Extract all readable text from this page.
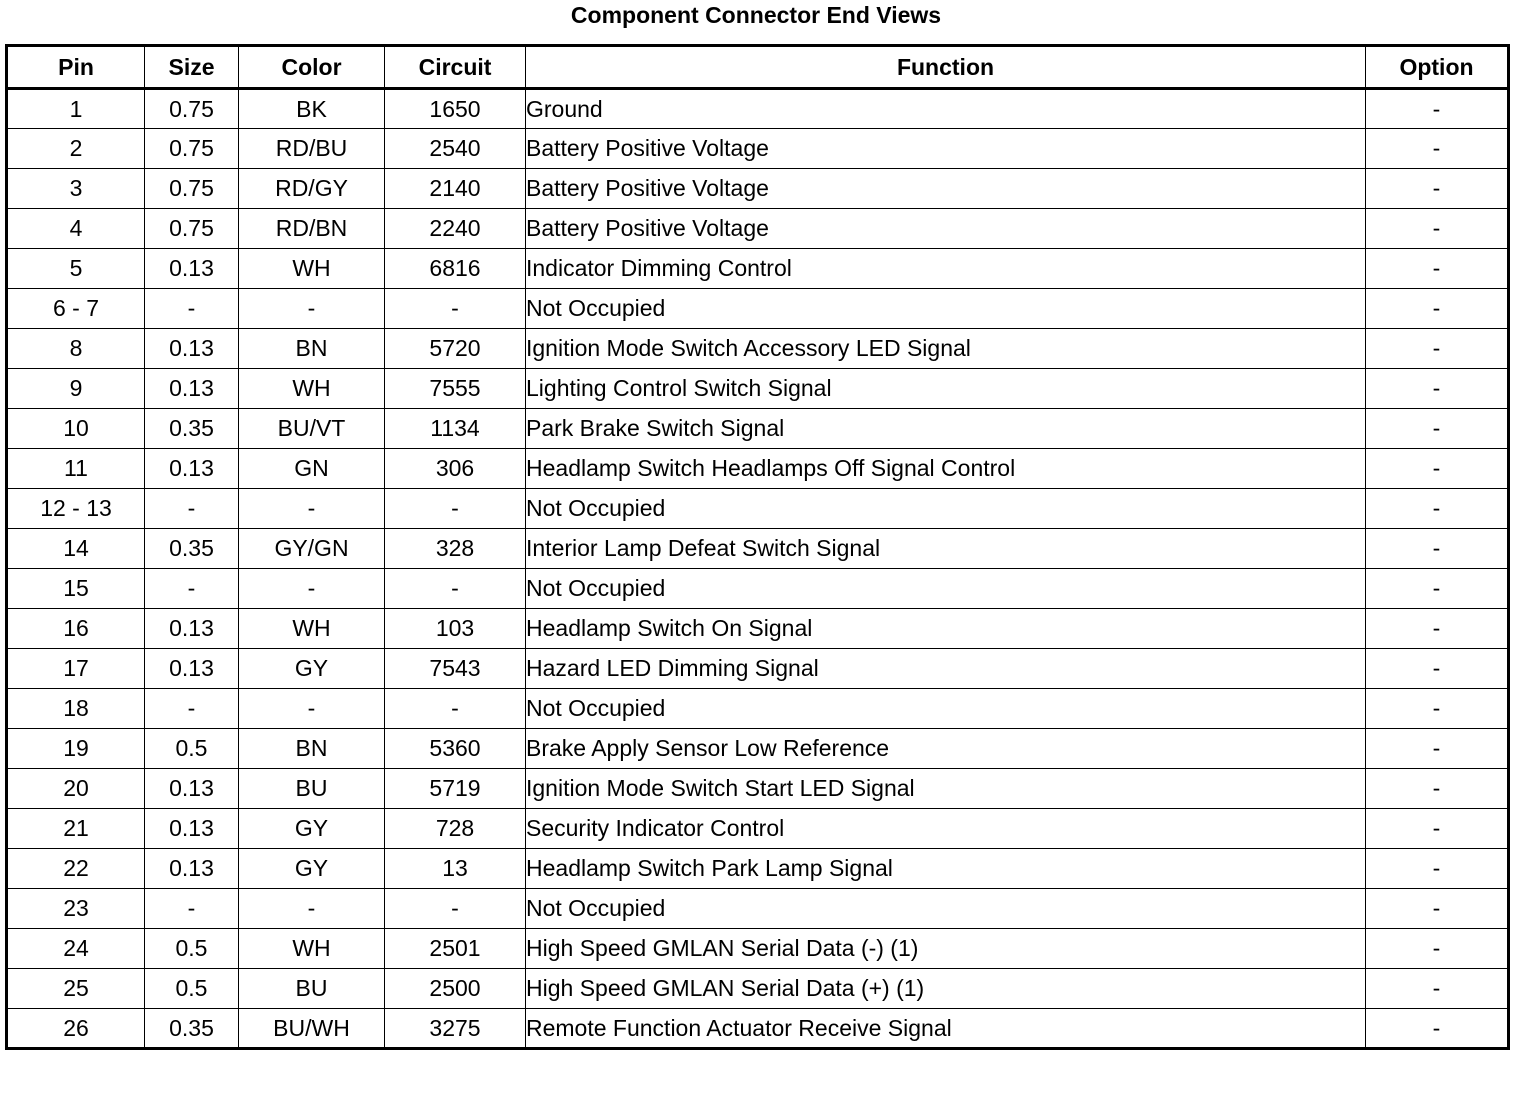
Component Connector End Views
Pin	Size	Color	Circuit	Function	Option
1	0.75	BK	1650	Ground	-
2	0.75	RD/BU	2540	Battery Positive Voltage	-
3	0.75	RD/GY	2140	Battery Positive Voltage	-
4	0.75	RD/BN	2240	Battery Positive Voltage	-
5	0.13	WH	6816	Indicator Dimming Control	-
6 - 7	-	-	-	Not Occupied	-
8	0.13	BN	5720	Ignition Mode Switch Accessory LED Signal	-
9	0.13	WH	7555	Lighting Control Switch Signal	-
10	0.35	BU/VT	1134	Park Brake Switch Signal	-
11	0.13	GN	306	Headlamp Switch Headlamps Off Signal Control	-
12 - 13	-	-	-	Not Occupied	-
14	0.35	GY/GN	328	Interior Lamp Defeat Switch Signal	-
15	-	-	-	Not Occupied	-
16	0.13	WH	103	Headlamp Switch On Signal	-
17	0.13	GY	7543	Hazard LED Dimming Signal	-
18	-	-	-	Not Occupied	-
19	0.5	BN	5360	Brake Apply Sensor Low Reference	-
20	0.13	BU	5719	Ignition Mode Switch Start LED Signal	-
21	0.13	GY	728	Security Indicator Control	-
22	0.13	GY	13	Headlamp Switch Park Lamp Signal	-
23	-	-	-	Not Occupied	-
24	0.5	WH	2501	High Speed GMLAN Serial Data (-) (1)	-
25	0.5	BU	2500	High Speed GMLAN Serial Data (+) (1)	-
26	0.35	BU/WH	3275	Remote Function Actuator Receive Signal	-
